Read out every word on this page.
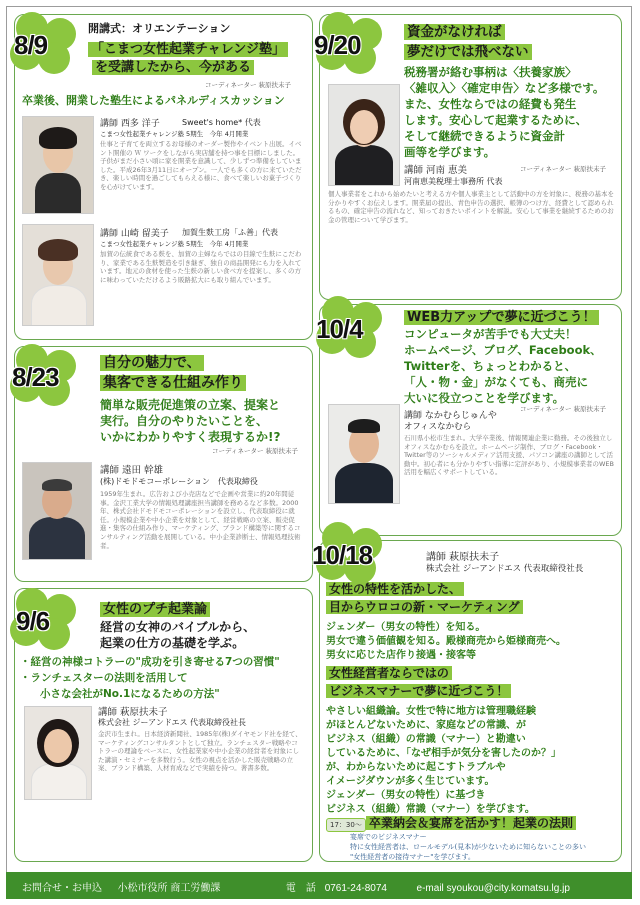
8/9
開講式：オリエンテーション
「こまつ女性起業チャレンジ塾」
を受講したから、今がある
コーディネーター 萩原扶未子
卒業後、開業した塾生によるパネルディスカッション
講師 西多 洋子	Sweet's home* 代表
こまつ女性起業チャレンジ塾 5期生　今年 4月開業
仕事と子育てを両立するお母様のオーダー製作やイベント出展。イベント開催の Ｗ ワークをしながら実店舗を持つ事を目標にしました。子供がまだ小さい頃に家を開業を意識して、少しずつ準備をしていました。平成26年3月11日にオープン。一人でも多くの方に来ていただき、楽しい時間を過ごしてもらえる様に、食べて楽しいお菓子づくりを心がけています。
講師 山崎 留美子 加賀生麩工房「ふ善」代表
こまつ女性起業チャレンジ塾 5期生　今年 4月開業
加賀の伝統食である麩を、加賀の主婦ならではの目線で生麩にこだわり、家業である生麩製造を引き継ぎ、独自の商品開発にも力を入れています。地元の食材を使った生麩の新しい食べ方を提案し、多くの方に味わっていただけるよう販路拡大にも取り組んでいます。
8/23	自分の魅力で、
集客できる仕組み作り
簡単な販売促進策の立案、提案と
実行。自分のやりたいことを、
いかにわかりやすく表現するか!?
コーディネーター 萩原扶未子
講師 遠田 幹雄
(株)ドモドモコーポレーション　代表取締役
1959年生まれ。広告および小売店などで企画や営業に約20年間従事。金沢工業大学の情報処理講座担当講師を務めるなど多数。2000年、株式会社ドモドモコーポレーションを設立し、代表取締役に就任。小規模企業や中小企業を対象として、経営戦略の立案、販売促進・集客の仕組み作り、マーケティング、ブランド構築等に関するコンサルティング活動を展開している。中小企業診断士、情報処理技術者。
9/6	女性のプチ起業論
経営の女神のバイブルから、
起業の仕方の基礎を学ぶ。
・経営の神様コトラーの"成功を引き寄せる7つの習慣"
・ランチェスターの法則を活用して
小さな会社がNo.1になるための方法"
講師 萩原扶未子
株式会社 ジーアンドエス 代表取締役社長
金沢市生まれ。日本経済新聞社、1985年(株)ダイヤモンド社を経て、マーケティングコンサルタントとして独立。ランチェスター戦略やコトラーの理論をベースに、女性起業家や中小企業の経営者を対象にした講演・セミナーを多数行う。女性の視点を活かした販売戦略の立案、ブランド構築、人材育成などで実績を持つ。著書多数。
9/20	資金がなければ
夢だけでは飛べない
税務署が絡む事柄は〈扶養家族〉
〈雑収入〉〈確定申告〉など多様です。
また、女性ならではの経費も発生
します。安心して起業するために、
そして継続できるように資金計
画等を学びます。
講師 河南 恵美	コーディネーター 萩原扶未子
河南恵美税理士事務所 代表
個人事業者をこれから始めたいと考える方や個人事業主として活動中の方を対象に、税務の基本を分かりやすくお伝えします。開業届の提出、青色申告の選択、帳簿のつけ方、経費として認められるもの、確定申告の流れなど、知っておきたいポイントを解説。安心して事業を継続するためのお金の管理について学びます。
10/4	WEB力アップで夢に近づこう！
コンピュータが苦手でも大丈夫！
ホームページ、ブログ、Facebook、
Twitterを、ちょっとわかると、
「人・物・金」がなくても、商売に
大いに役立つことを学びます。
講師 なかむらじゅんや
コーディネーター 萩原扶未子
オフィスなかむら
石川県小松市生まれ。大学卒業後、情報関連企業に勤務。その後独立しオフィスなかむらを設立。ホームページ制作、ブログ・Facebook・Twitter等のソーシャルメディア活用支援、パソコン講座の講師として活動中。初心者にも分かりやすい指導に定評があり、小規模事業者のWEB活用を幅広くサポートしている。
10/18	講師 萩原扶未子
株式会社 ジーアンドエス 代表取締役社長
女性の特性を活かした、
目からウロコの新・マーケティング
ジェンダー（男女の特性）を知る。
男女で違う価値観を知る。殿様商売から姫様商売へ。
男女に応じた店作り接遇・接客等
女性経営者ならではの
ビジネスマナーで夢に近づこう！
やさしい組織論。女性で特に地方は管理職経験
がほとんどないために、家庭などの常識、が
ビジネス（組織）の常識（マナー）と勘違い
しているために、「なぜ相手が気分を害したのか？」
が、わからないために起こすトラブルや
イメージダウンが多く生じています。
ジェンダー（男女の特性）に基づき
ビジネス（組織）常識（マナー）を学びます。
17：30～ 卒業納会＆宴席を活かす！起業の法則
宴席でのビジネスマナー
特に女性経営者は、ロールモデル(見本)が少ないために知らないことの多い
"女性経営者の接待マナー"を学びます。
お問合せ・お申込 小松市役所 商工労働課	電　話 0761-24-8074	e-mail syoukou@city.komatsu.lg.jp
